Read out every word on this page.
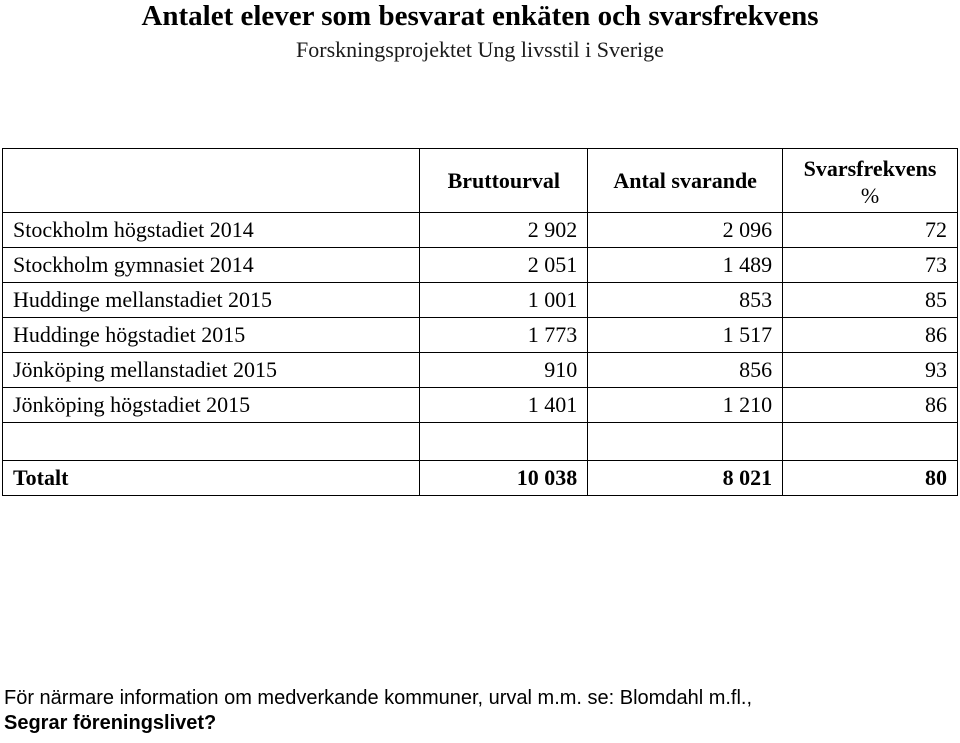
Antalet elever som besvarat enkäten och svarsfrekvens
Forskningsprojektet Ung livsstil i Sverige
	Bruttourval	Antal svarande	Svarsfrekvens
%

Stockholm högstadiet 2014	2 902	2 096	72
Stockholm gymnasiet 2014	2 051	1 489	73
Huddinge mellanstadiet 2015	1 001	853	85
Huddinge högstadiet 2015	1 773	1 517	86
Jönköping mellanstadiet 2015	910	856	93
Jönköping högstadiet 2015	1 401	1 210	86

Totalt	10 038	8 021	80
För närmare information om medverkande kommuner, urval m.m. se: Blomdahl m.fl.,
Segrar föreningslivet?
